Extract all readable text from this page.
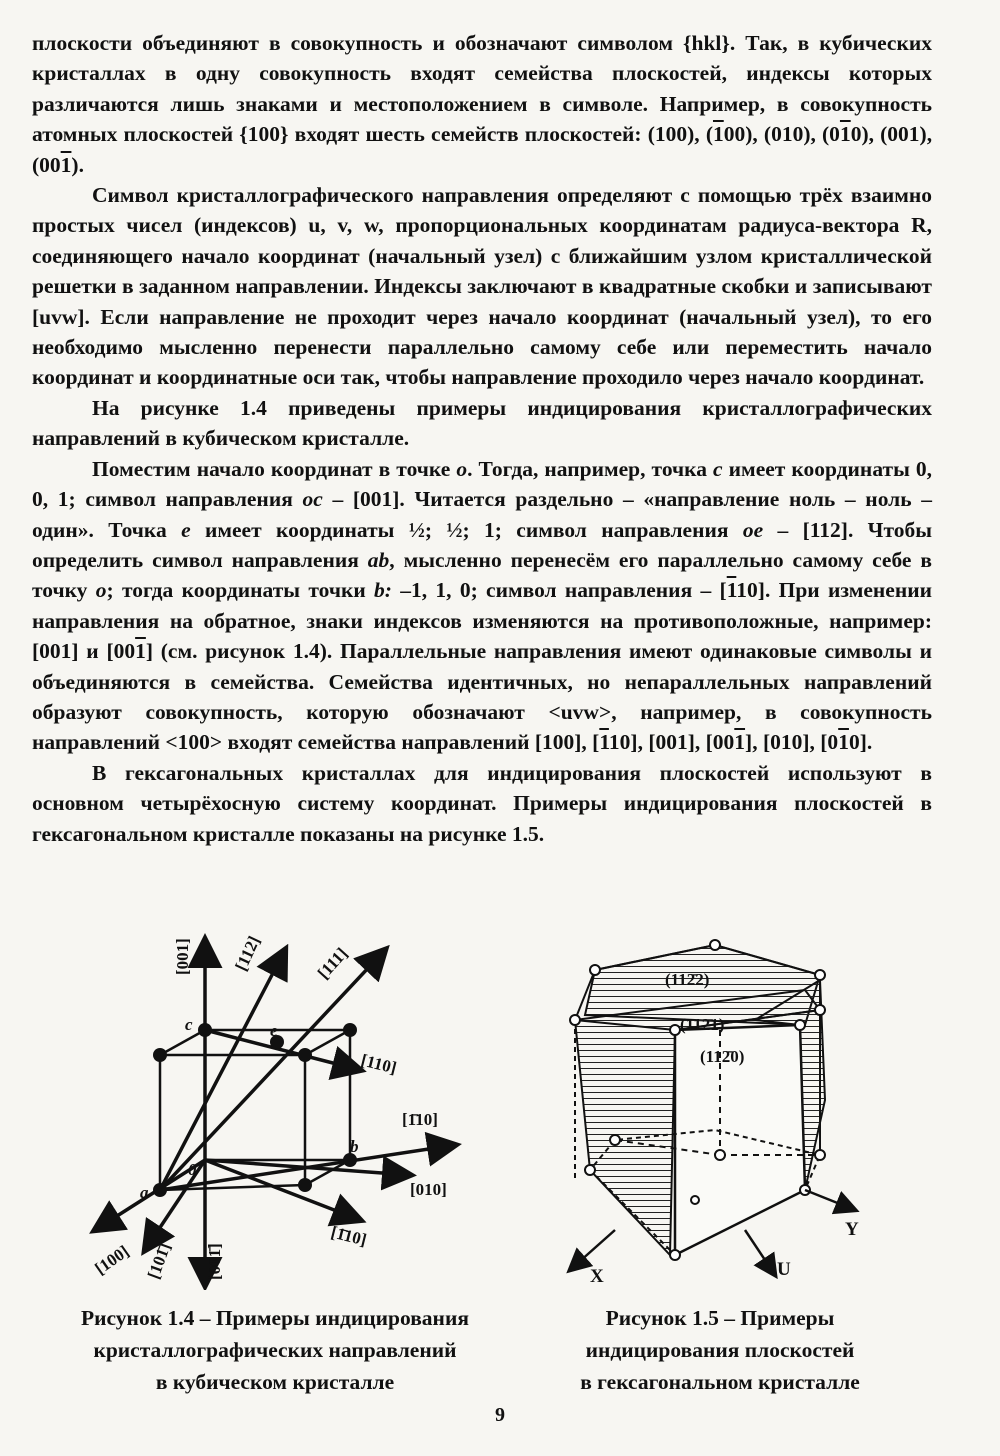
плоскости объединяют в совокупность и обозначают символом {hkl}. Так, в кубических кристаллах в одну совокупность входят семейства плоскостей, индексы которых различаются лишь знаками и местоположением в символе. Например, в совокупность атомных плоскостей {100} входят шесть семейств плоскостей: (100), (100), (010), (010), (001), (001).

Символ кристаллографического направления определяют с помощью трёх взаимно простых чисел (индексов) u, v, w, пропорциональных координатам радиуса-вектора R, соединяющего начало координат (начальный узел) с ближайшим узлом кристаллической решетки в заданном направлении. Индексы заключают в квадратные скобки и записывают [uvw]. Если направление не проходит через начало координат (начальный узел), то его необходимо мысленно перенести параллельно самому себе или переместить начало координат и координатные оси так, чтобы направление проходило через начало координат.

На рисунке 1.4 приведены примеры индицирования кристаллографических направлений в кубическом кристалле.

Поместим начало координат в точке o. Тогда, например, точка c имеет координаты 0, 0, 1; символ направления oc – [001]. Читается раздельно – «направление ноль – ноль – один». Точка e имеет координаты ½; ½; 1; символ направления oe – [112]. Чтобы определить символ направления ab, мысленно перенесём его параллельно самому себе в точку o; тогда координаты точки b: –1, 1, 0; символ направления – [110]. При изменении направления на обратное, знаки индексов изменяются на противоположные, например: [001] и [001] (см. рисунок 1.4). Параллельные направления имеют одинаковые символы и объединяются в семейства. Семейства идентичных, но непараллельных направлений образуют совокупность, которую обозначают <uvw>, например, в совокупность направлений <100> входят семейства направлений [100], [110], [001], [001], [010], [010].

В гексагональных кристаллах для индицирования плоскостей используют в основном четырёхосную систему координат. Примеры индицирования плоскостей в гексагональном кристалле показаны на рисунке 1.5.

[001] [112]	[111]
[110]
[1̄10]
[010]
[1̄10]
[100] [101̄] [001̄]
c	e
0
a
b
Рисунок 1.4 – Примеры индицирования
кристаллографических направлений
в кубическом кристалле
(112̄2)
(112̄1)
(112̄0)
X
Y
U
Рисунок 1.5 – Примеры
индицирования плоскостей
в гексагональном кристалле
9
